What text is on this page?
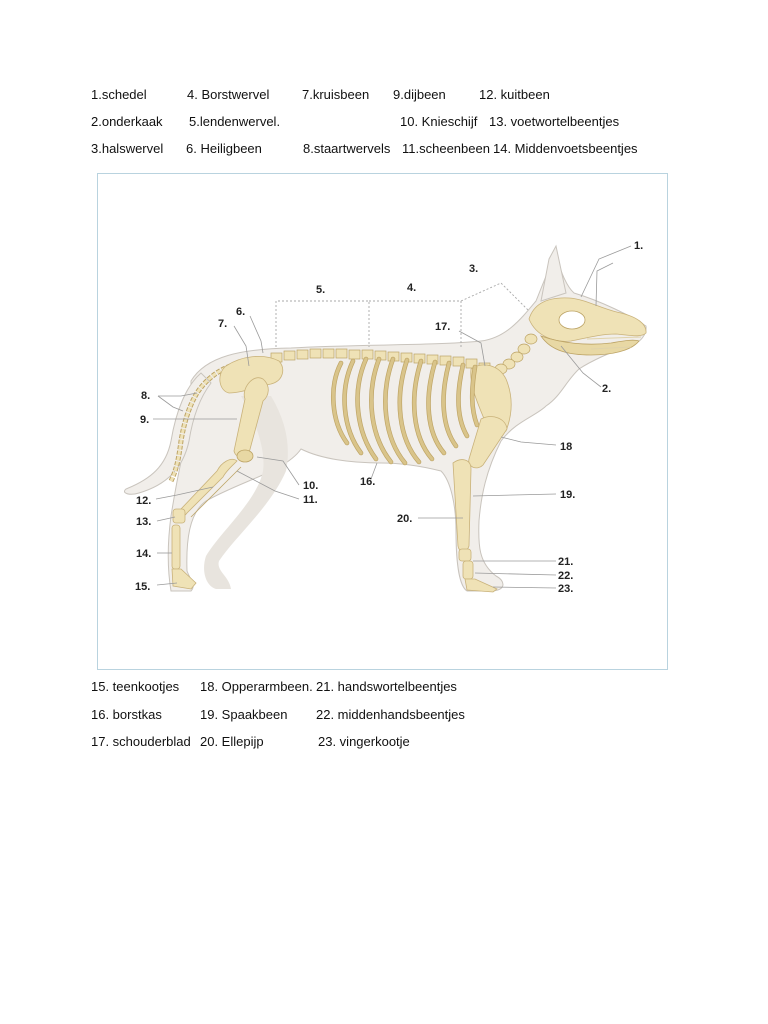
1.schedel	4. Borstwervel	7.kruisbeen 9.dijbeen	12. kuitbeen
2.onderkaak 5.lendenwervel.	10. Knieschijf 13. voetwortelbeentjes
3.halswervel 6. Heiligbeen	8.staartwervels 11.scheenbeen 14. Middenvoetsbeentjes
1.
2.
3.
4.
5.
6.
7.
8.
9.
10.
11.
12.
13.
14.
15.
16.
17.
18
19.
20.
21.
22.
23.
15. teenkootjes 18. Opperarmbeen. 21. handswortelbeentjes
16. borstkas	19. Spaakbeen 22. middenhandsbeentjes
17. schouderblad 20. Ellepijp	23. vingerkootje
